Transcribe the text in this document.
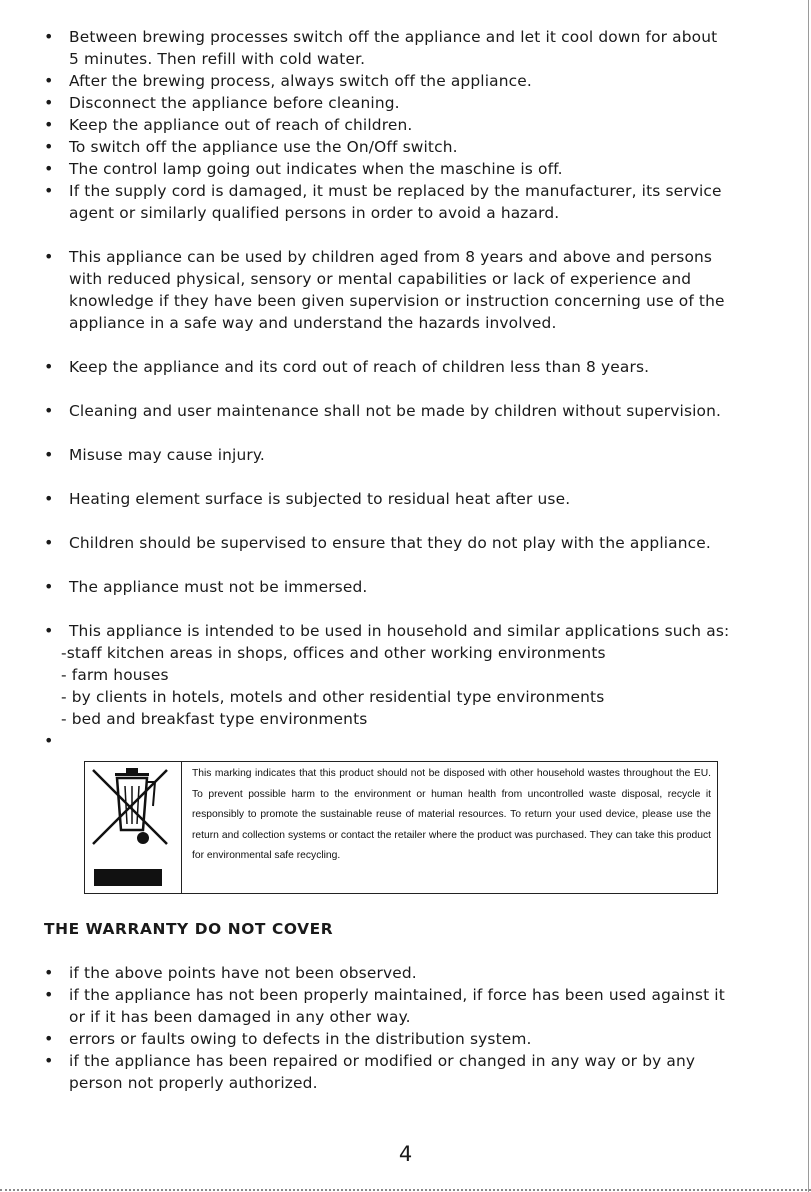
• Between brewing processes switch off the appliance and let it cool down for about
5 minutes. Then refill with cold water.
• After the brewing process, always switch off the appliance.
• Disconnect the appliance before cleaning.
• Keep the appliance out of reach of children.
• To switch off the appliance use the On/Off switch.
• The control lamp going out indicates when the maschine is off.
• If the supply cord is damaged, it must be replaced by the manufacturer, its service
agent or similarly qualified persons in order to avoid a hazard.
• This appliance can be used by children aged from 8 years and above and persons
with reduced physical, sensory or mental capabilities or lack of experience and
knowledge if they have been given supervision or instruction concerning use of the
appliance in a safe way and understand the hazards involved.
• Keep the appliance and its cord out of reach of children less than 8 years.
• Cleaning and user maintenance shall not be made by children without supervision.
• Misuse may cause injury.
• Heating element surface is subjected to residual heat after use.
• Children should be supervised to ensure that they do not play with the appliance.
• The appliance must not be immersed.
• This appliance is intended to be used in household and similar applications such as:
-staff kitchen areas in shops, offices and other working environments
- farm houses
- by clients in hotels, motels and other residential type environments
- bed and breakfast type environments
•

This marking indicates that this product should not be disposed with other household wastes throughout the EU. To prevent possible harm to the environment or human health from uncontrolled waste disposal, recycle it responsibly to promote the sustainable reuse of material resources. To return your used device, please use the return and collection systems or contact the retailer where the product was purchased. They can take this product for environmental safe recycling.
THE WARRANTY DO NOT COVER
• if the above points have not been observed.
• if the appliance has not been properly maintained, if force has been used against it
or if it has been damaged in any other way.
• errors or faults owing to defects in the distribution system.
• if the appliance has been repaired or modified or changed in any way or by any
person not properly authorized.
4
